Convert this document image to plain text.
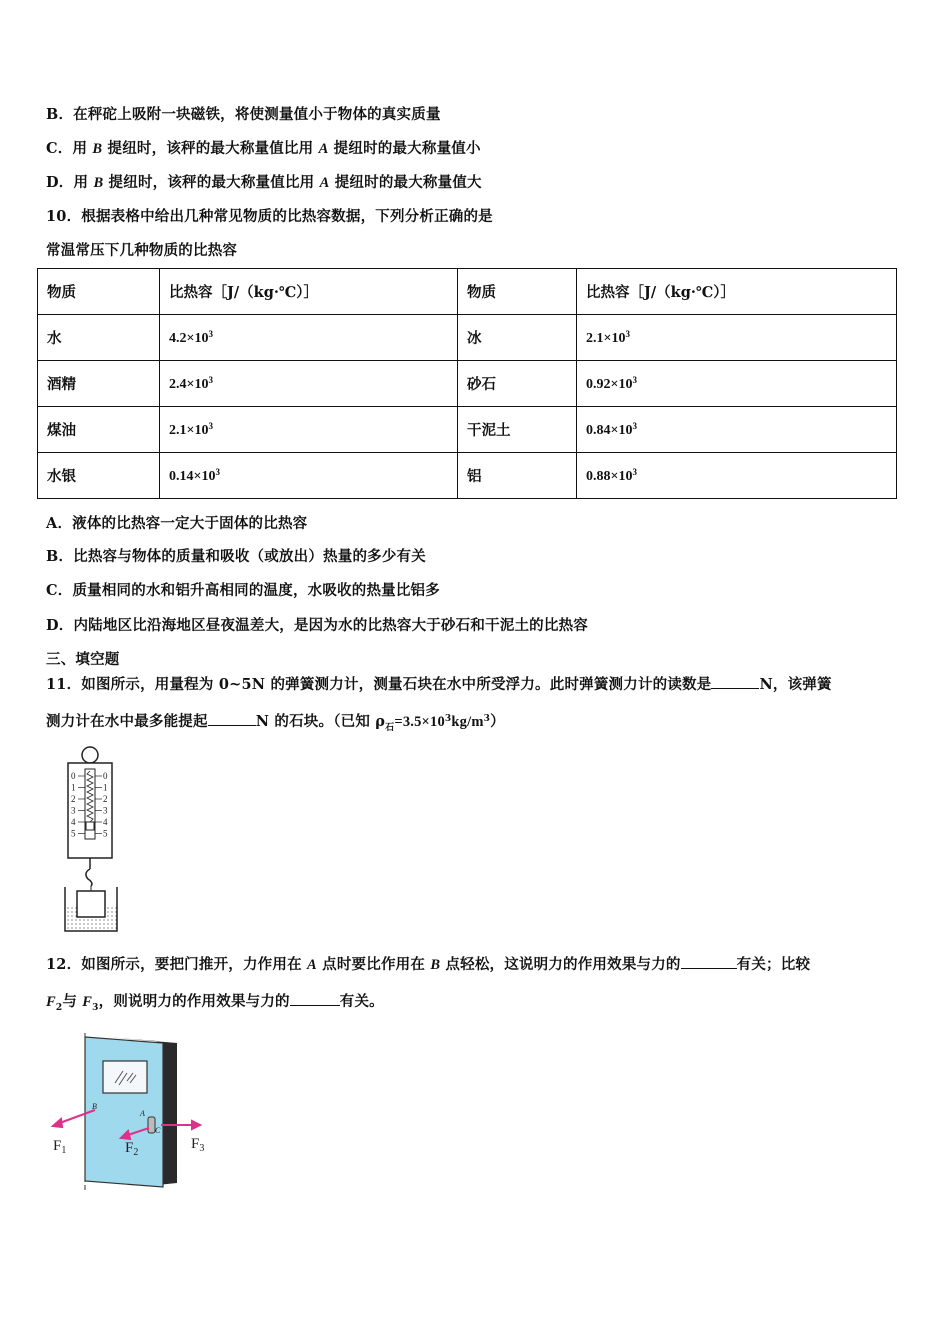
B．在秤砣上吸附一块磁铁，将使测量值小于物体的真实质量
C．用 B 提纽时，该秤的最大称量值比用 A 提纽时的最大称量值小
D．用 B 提纽时，该秤的最大称量值比用 A 提纽时的最大称量值大
10．根据表格中给出几种常见物质的比热容数据，下列分析正确的是
常温常压下几种物质的比热容
物质	比热容［J/（kg·℃）］	物质	比热容［J/（kg·℃）］
水	$4.2\times 10^3$	冰	$2.1\times 10^3$
酒精	$2.4\times 10^3$	砂石	$0.92\times 10^3$
煤油	$2.1\times 10^3$	干泥土	$0.84\times 10^3$
水银	$0.14\times 10^3$	铝	$0.88\times 10^3$
A．液体的比热容一定大于固体的比热容
B．比热容与物体的质量和吸收（或放出）热量的多少有关
C．质量相同的水和铝升高相同的温度，水吸收的热量比铝多
D．内陆地区比沿海地区昼夜温差大，是因为水的比热容大于砂石和干泥土的比热容
三、填空题
11．如图所示，用量程为 0~5N 的弹簧测力计，测量石块在水中所受浮力。此时弹簧测力计的读数是	N，该弹簧
测力计在水中最多能提起	N 的石块。（已知 $\rho_石=3.5\times 10^3kg/m^3$）
0
1
2
3
4
5
0
1
2
3
4
5
12．如图所示，要把门推开，力作用在 A 点时要比作用在 B 点轻松，这说明力的作用效果与力的	有关；比较
$F_2$与 $F_3$，则说明力的作用效果与力的	有关。
$F_1$	$F_2$
$F_3$
A
B
C
